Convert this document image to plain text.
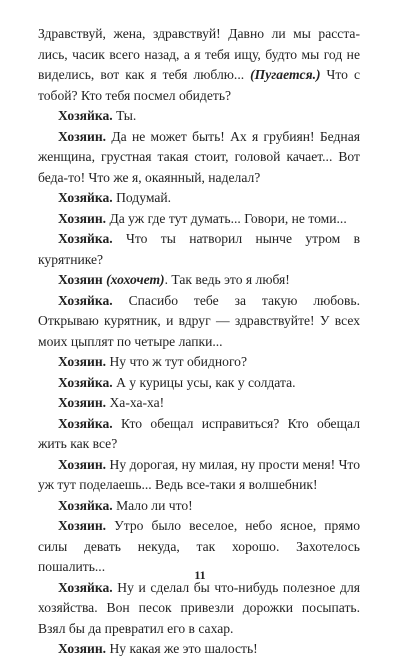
Здравствуй, жена, здравствуй! Давно ли мы расстались, часик всего назад, а я тебя ищу, будто мы год не виделись, вот как я тебя люблю... (Пугается.) Что с тобой? Кто тебя посмел обидеть?

Хозяйка. Ты.

Хозяин. Да не может быть! Ах я грубиян! Бедная женщина, грустная такая стоит, головой качает... Вот беда-то! Что же я, окаянный, наделал?

Хозяйка. Подумай.

Хозяин. Да уж где тут думать... Говори, не томи...

Хозяйка. Что ты натворил нынче утром в курятнике?

Хозяин (хохочет). Так ведь это я любя!

Хозяйка. Спасибо тебе за такую любовь. Открываю курятник, и вдруг — здравствуйте! У всех моих цыплят по четыре лапки...

Хозяин. Ну что ж тут обидного?

Хозяйка. А у курицы усы, как у солдата.

Хозяин. Ха-ха-ха!

Хозяйка. Кто обещал исправиться? Кто обещал жить как все?

Хозяин. Ну дорогая, ну милая, ну прости меня! Что уж тут поделаешь... Ведь все-таки я волшебник!

Хозяйка. Мало ли что!

Хозяин. Утро было веселое, небо ясное, прямо силы девать некуда, так хорошо. Захотелось пошалить...

Хозяйка. Ну и сделал бы что-нибудь полезное для хозяйства. Вон песок привезли дорожки посыпать. Взял бы да превратил его в сахар.

Хозяин. Ну какая же это шалость!

11
